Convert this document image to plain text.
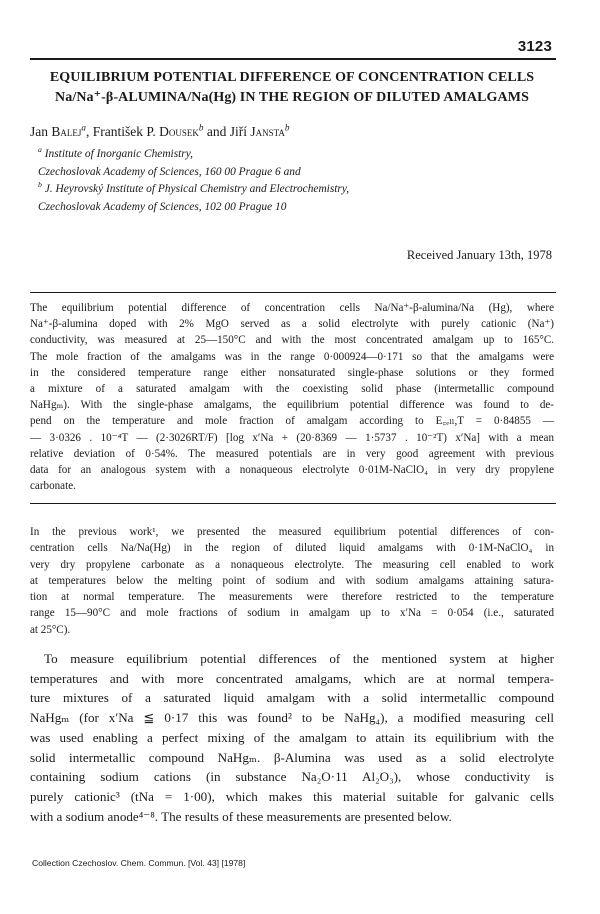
3123
EQUILIBRIUM POTENTIAL DIFFERENCE OF CONCENTRATION CELLS
Na/Na⁺-β-ALUMINA/Na(Hg) IN THE REGION OF DILUTED AMALGAMS
Jan Balej$^a$, František P. Dousek$^b$ and Jiří Jansta$^b$
$^a$ Institute of Inorganic Chemistry,
Czechoslovak Academy of Sciences, 160 00 Prague 6 and
$^b$ J. Heyrovský Institute of Physical Chemistry and Electrochemistry,
Czechoslovak Academy of Sciences, 102 00 Prague 10
Received January 13th, 1978
The equilibrium potential difference of concentration cells Na/Na⁺-β-alumina/Na (Hg), where
Na⁺-β-alumina doped with 2% MgO served as a solid electrolyte with purely cationic (Na⁺)
conductivity, was measured at 25—150°C and with the most concentrated amalgam up to 165°C.
The mole fraction of the amalgams was in the range 0·000924—0·171 so that the amalgams were
in the considered temperature range either nonsaturated single-phase solutions or they formed
a mixture of a saturated amalgam with the coexisting solid phase (intermetallic compound
NaHgₘ). With the single-phase amalgams, the equilibrium potential difference was found to de-
pend on the temperature and mole fraction of amalgam according to E꜀ₑₗₗ,T = 0·84855 —
— 3·0326 . 10⁻⁴T — (2·3026RT/F) [log x′Na + (20·8369 — 1·5737 . 10⁻²T) x′Na] with a mean
relative deviation of 0·54%. The measured potentials are in very good agreement with previous
data for an analogous system with a nonaqueous electrolyte 0·01M-NaClO₄ in very dry propylene
carbonate.
In the previous work¹, we presented the measured equilibrium potential differences of con-
centration cells Na/Na(Hg) in the region of diluted liquid amalgams with 0·1M-NaClO₄ in
very dry propylene carbonate as a nonaqueous electrolyte. The measuring cell enabled to work
at temperatures below the melting point of sodium and with sodium amalgams attaining satura-
tion at normal temperature. The measurements were therefore restricted to the temperature
range 15—90°C and mole fractions of sodium in amalgam up to x′Na = 0·054 (i.e., saturated
at 25°C).
To measure equilibrium potential differences of the mentioned system at higher
temperatures and with more concentrated amalgams, which are at normal tempera-
ture mixtures of a saturated liquid amalgam with a solid intermetallic compound
NaHgₘ (for x′Na ≦ 0·17 this was found² to be NaHg₄), a modified measuring cell
was used enabling a perfect mixing of the amalgam to attain its equilibrium with the
solid intermetallic compound NaHgₘ. β-Alumina was used as a solid electrolyte
containing sodium cations (in substance Na₂O·11 Al₂O₃), whose conductivity is
purely cationic³ (tNa = 1·00), which makes this material suitable for galvanic cells
with a sodium anode⁴⁻⁸. The results of these measurements are presented below.
Collection Czechoslov. Chem. Commun. [Vol. 43] [1978]
